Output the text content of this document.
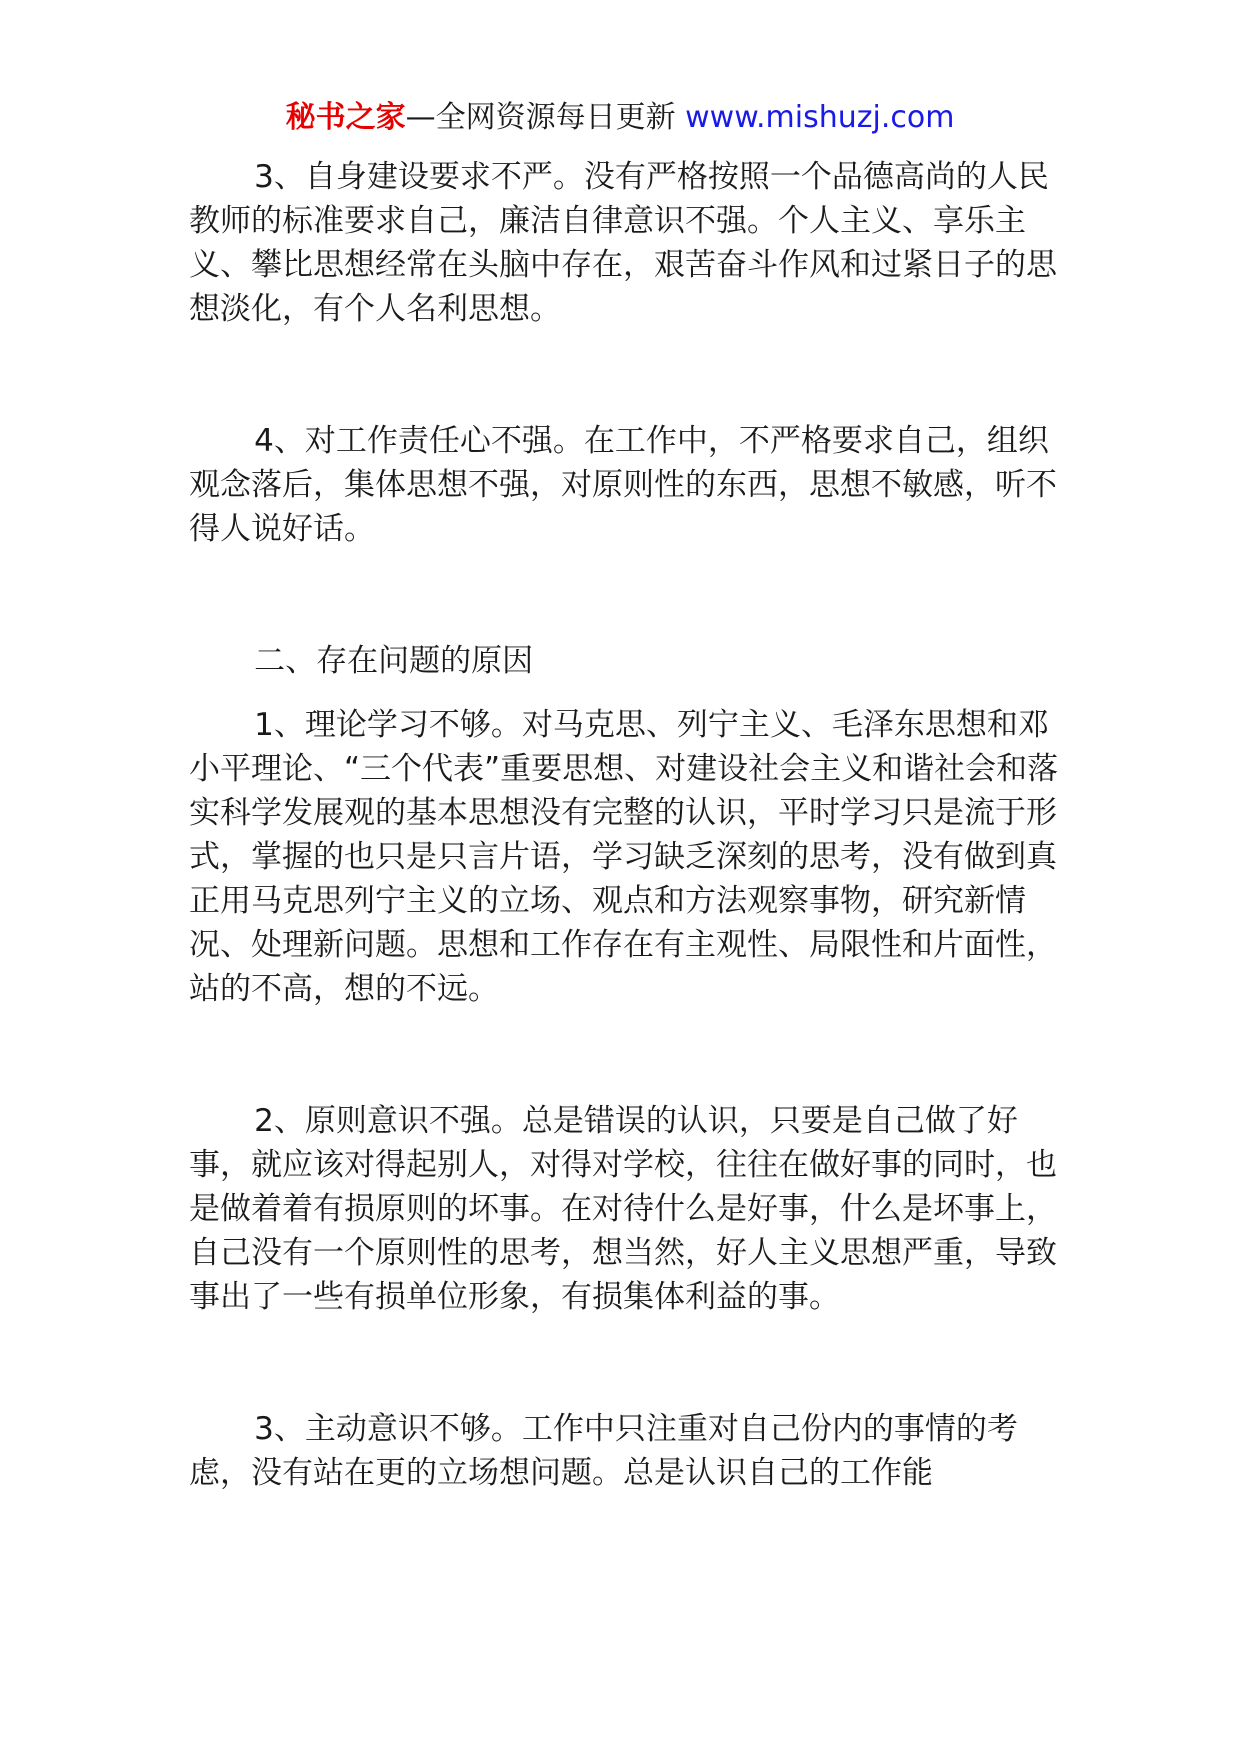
秘书之家—全网资源每日更新 www.mishuzj.com

3、自身建设要求不严。没有严格按照一个品德高尚的人民教师的标准要求自己，廉洁自律意识不强。个人主义、享乐主义、攀比思想经常在头脑中存在，艰苦奋斗作风和过紧日子的思想淡化，有个人名利思想。

4、对工作责任心不强。在工作中，不严格要求自己，组织观念落后，集体思想不强，对原则性的东西，思想不敏感，听不得人说好话。

二、存在问题的原因

1、理论学习不够。对马克思、列宁主义、毛泽东思想和邓小平理论、“三个代表”重要思想、对建设社会主义和谐社会和落实科学发展观的基本思想没有完整的认识，平时学习只是流于形式，掌握的也只是只言片语，学习缺乏深刻的思考，没有做到真正用马克思列宁主义的立场、观点和方法观察事物，研究新情况、处理新问题。思想和工作存在有主观性、局限性和片面性，站的不高，想的不远。

2、原则意识不强。总是错误的认识，只要是自己做了好事，就应该对得起别人，对得对学校，往往在做好事的同时，也是做着着有损原则的坏事。在对待什么是好事，什么是坏事上，自己没有一个原则性的思考，想当然，好人主义思想严重，导致事出了一些有损单位形象，有损集体利益的事。

3、主动意识不够。工作中只注重对自己份内的事情的考虑，没有站在更的立场想问题。总是认识自己的工作能
